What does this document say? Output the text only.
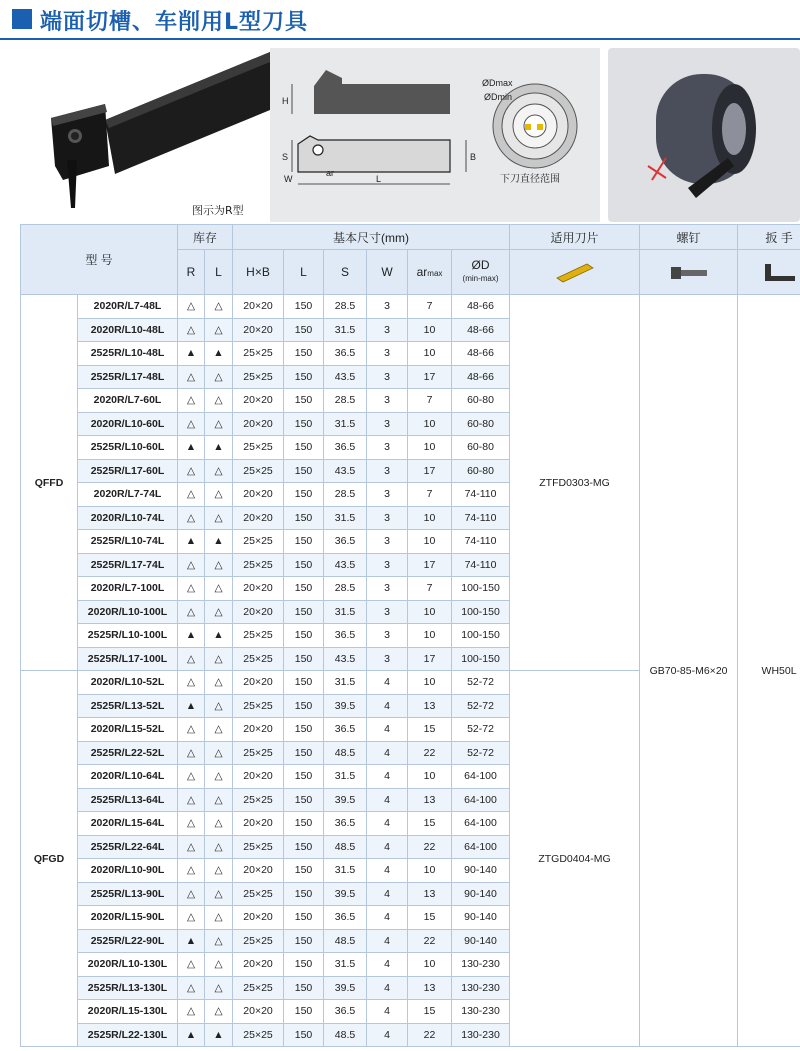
端面切槽、车削用L型刀具
H
B
S
W
ar
L
ØDmax
ØDmin
下刀直径范围
图示为R型
型 号		库存		基本尺寸(mm)						适用刀片	螺钉	扳 手
		R	L	H×B	L	S	W	armax	ØD
(min-max)	

QFFD	2020R/L7-48L	△	△	20×20	150	28.5	3	7	48-66	ZTFD0303-MG	GB70-85-M6×20	WH50L
	2020R/L10-48L	△	△	20×20	150	31.5	3	10	48-66			
	2525R/L10-48L	▲	▲	25×25	150	36.5	3	10	48-66			
	2525R/L17-48L	△	△	25×25	150	43.5	3	17	48-66			
	2020R/L7-60L	△	△	20×20	150	28.5	3	7	60-80			
	2020R/L10-60L	△	△	20×20	150	31.5	3	10	60-80			
	2525R/L10-60L	▲	▲	25×25	150	36.5	3	10	60-80			
	2525R/L17-60L	△	△	25×25	150	43.5	3	17	60-80			
	2020R/L7-74L	△	△	20×20	150	28.5	3	7	74-110			
	2020R/L10-74L	△	△	20×20	150	31.5	3	10	74-110			
	2525R/L10-74L	▲	▲	25×25	150	36.5	3	10	74-110			
	2525R/L17-74L	△	△	25×25	150	43.5	3	17	74-110			
	2020R/L7-100L	△	△	20×20	150	28.5	3	7	100-150			
	2020R/L10-100L	△	△	20×20	150	31.5	3	10	100-150			
	2525R/L10-100L	▲	▲	25×25	150	36.5	3	10	100-150			
	2525R/L17-100L	△	△	25×25	150	43.5	3	17	100-150			
QFGD	2020R/L10-52L	△	△	20×20	150	31.5	4	10	52-72	ZTGD0404-MG		
	2525R/L13-52L	▲	△	25×25	150	39.5	4	13	52-72			
	2020R/L15-52L	△	△	20×20	150	36.5	4	15	52-72			
	2525R/L22-52L	△	△	25×25	150	48.5	4	22	52-72			
	2020R/L10-64L	△	△	20×20	150	31.5	4	10	64-100			
	2525R/L13-64L	△	△	25×25	150	39.5	4	13	64-100			
	2020R/L15-64L	△	△	20×20	150	36.5	4	15	64-100			
	2525R/L22-64L	△	△	25×25	150	48.5	4	22	64-100			
	2020R/L10-90L	△	△	20×20	150	31.5	4	10	90-140			
	2525R/L13-90L	△	△	25×25	150	39.5	4	13	90-140			
	2020R/L15-90L	△	△	20×20	150	36.5	4	15	90-140			
	2525R/L22-90L	▲	△	25×25	150	48.5	4	22	90-140			
	2020R/L10-130L	△	△	20×20	150	31.5	4	10	130-230			
	2525R/L13-130L	△	△	25×25	150	39.5	4	13	130-230			
	2020R/L15-130L	△	△	20×20	150	36.5	4	15	130-230			
	2525R/L22-130L	▲	▲	25×25	150	48.5	4	22	130-230			
